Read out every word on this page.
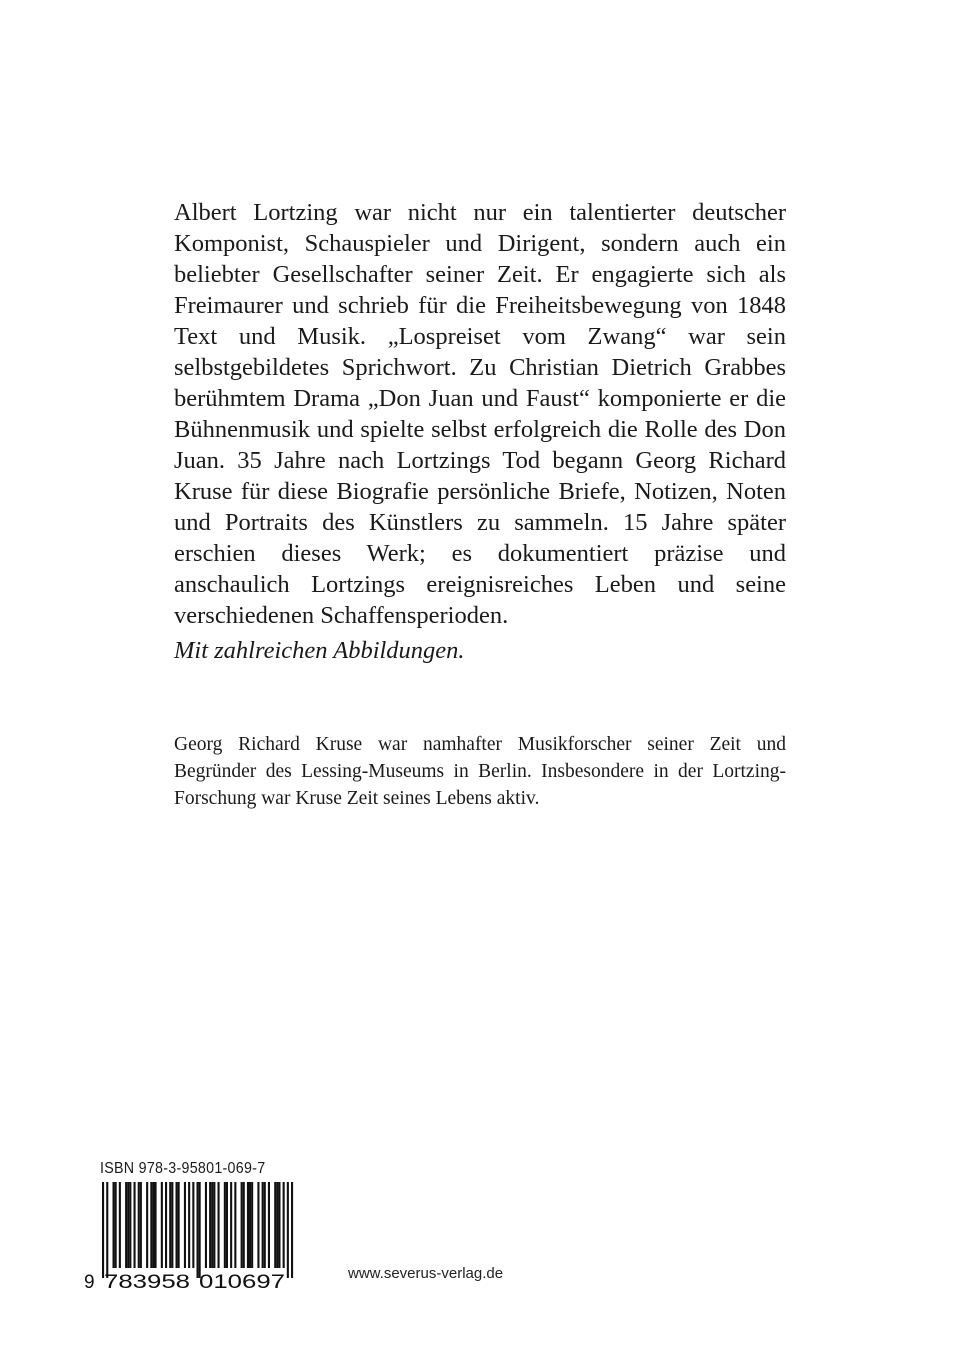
Albert Lortzing war nicht nur ein talentierter deutscher Komponist, Schauspieler und Dirigent, sondern auch ein beliebter Gesellschafter seiner Zeit. Er engagierte sich als Freimaurer und schrieb für die Freiheitsbewegung von 1848 Text und Musik. „Lospreiset vom Zwang“ war sein selbstgebildetes Sprichwort. Zu Christian Dietrich Grabbes berühmtem Drama „Don Juan und Faust“ komponierte er die Bühnenmusik und spielte selbst erfolgreich die Rolle des Don Juan. 35 Jahre nach Lortzings Tod begann Georg Richard Kruse für diese Biografie persönliche Briefe, Notizen, Noten und Portraits des Künstlers zu sammeln. 15 Jahre später erschien dieses Werk; es dokumentiert präzise und anschaulich Lortzings ereignisreiches Leben und seine verschiedenen Schaffensperioden.

Mit zahlreichen Abbildungen.

Georg Richard Kruse war namhafter Musikforscher seiner Zeit und Begründer des Lessing-Museums in Berlin. Insbesondere in der Lortzing-Forschung war Kruse Zeit seines Lebens aktiv.

ISBN 978-3-95801-069-7
9 783958 010697	www.severus-verlag.de
